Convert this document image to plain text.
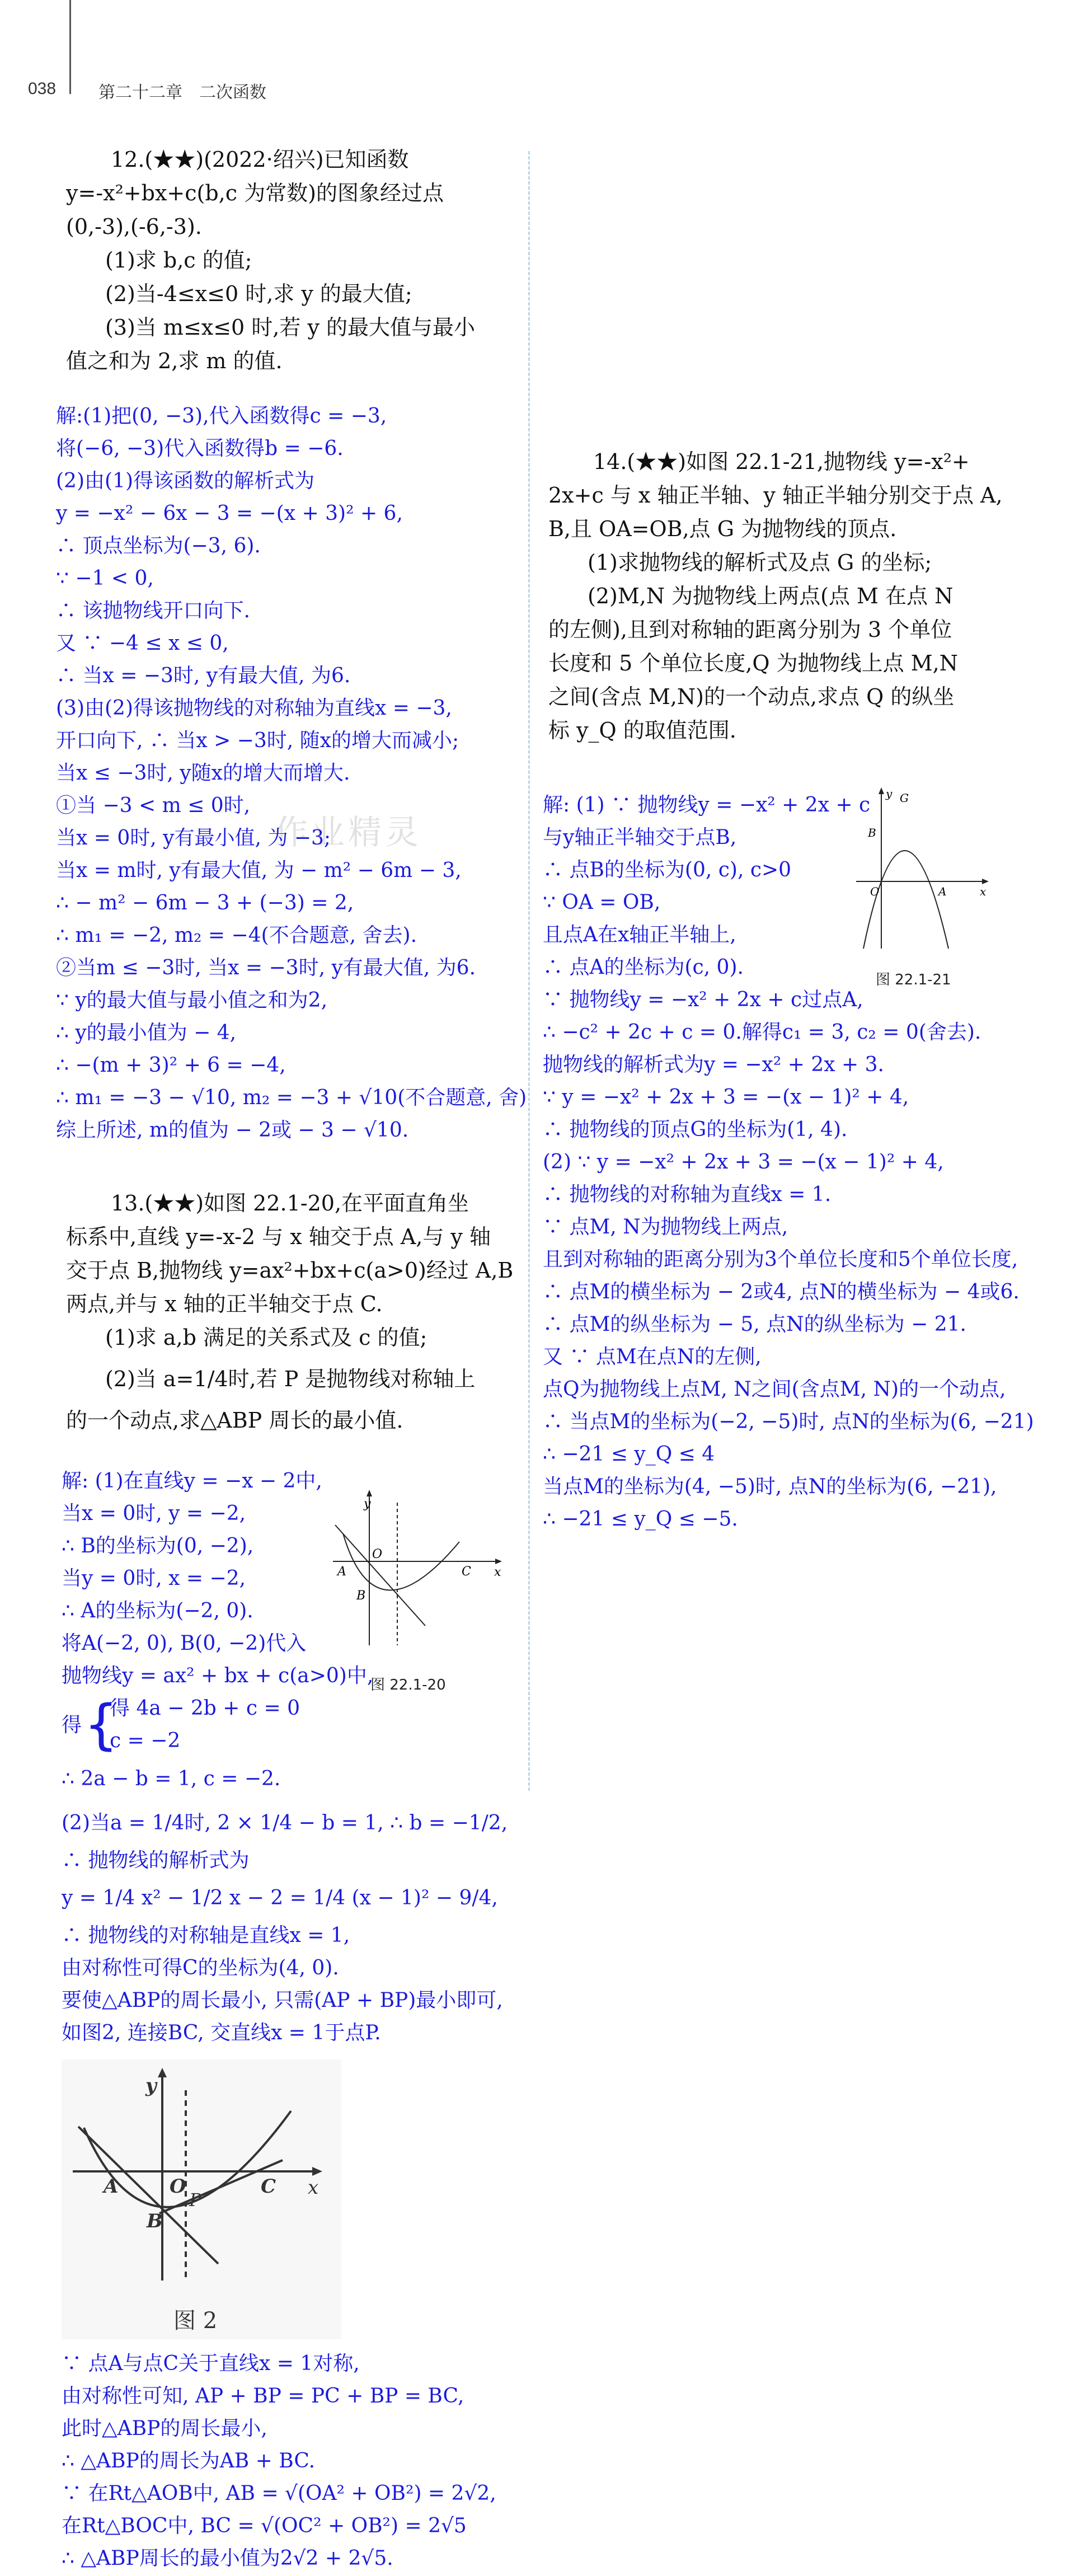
038	第二十二章　二次函数
作业精灵
12.(★★)(2022·绍兴)已知函数
y=-x²+bx+c(b,c 为常数)的图象经过点
(0,-3),(-6,-3).
(1)求 b,c 的值;
(2)当-4≤x≤0 时,求 y 的最大值;
(3)当 m≤x≤0 时,若 y 的最大值与最小
值之和为 2,求 m 的值.
解:(1)把(0, −3),代入函数得c = −3,
将(−6, −3)代入函数得b = −6.
(2)由(1)得该函数的解析式为
y = −x² − 6x − 3 = −(x + 3)² + 6,
∴ 顶点坐标为(−3, 6).
∵ −1 < 0,
∴ 该抛物线开口向下.
又 ∵ −4 ≤ x ≤ 0,
∴ 当x = −3时, y有最大值, 为6.
(3)由(2)得该抛物线的对称轴为直线x = −3,
开口向下, ∴ 当x > −3时, 随x的增大而减小;
当x ≤ −3时, y随x的增大而增大.
①当 −3 < m ≤ 0时,
当x = 0时, y有最小值, 为 −3;
当x = m时, y有最大值, 为 − m² − 6m − 3,
∴ − m² − 6m − 3 + (−3) = 2,
∴ m₁ = −2, m₂ = −4(不合题意, 舍去).
②当m ≤ −3时, 当x = −3时, y有最大值, 为6.
∵ y的最大值与最小值之和为2,
∴ y的最小值为 − 4,
∴ −(m + 3)² + 6 = −4,
∴ m₁ = −3 − √10, m₂ = −3 + √10(不合题意, 舍)
综上所述, m的值为 − 2或 − 3 − √10.
13.(★★)如图 22.1-20,在平面直角坐
标系中,直线 y=-x-2 与 x 轴交于点 A,与 y 轴
交于点 B,抛物线 y=ax²+bx+c(a>0)经过 A,B
两点,并与 x 轴的正半轴交于点 C.
(1)求 a,b 满足的关系式及 c 的值;
(2)当 a=1/4时,若 P 是抛物线对称轴上
的一个动点,求△ABP 周长的最小值.
解: (1)在直线y = −x − 2中,
当x = 0时, y = −2,
∴ B的坐标为(0, −2),
当y = 0时, x = −2,
∴ A的坐标为(−2, 0).
将A(−2, 0), B(0, −2)代入
抛物线y = ax² + bx + c(a>0)中,
得 {
得 4a − 2b + c = 0
c = −2
∴ 2a − b = 1, c = −2.
y
x
A
O
B
C
图 22.1-20
(2)当a = 1/4时, 2 × 1/4 − b = 1, ∴ b = −1/2,
∴ 抛物线的解析式为
y = 1/4 x² − 1/2 x − 2 = 1/4 (x − 1)² − 9/4,
∴ 抛物线的对称轴是直线x = 1,
由对称性可得C的坐标为(4, 0).
要使△ABP的周长最小, 只需(AP + BP)最小即可,
如图2, 连接BC, 交直线x = 1于点P.
y
x
A	O
P
B
C
图 2
∵ 点A与点C关于直线x = 1对称,
由对称性可知, AP + BP = PC + BP = BC,
此时△ABP的周长最小,
∴ △ABP的周长为AB + BC.
∵ 在Rt△AOB中, AB = √(OA² + OB²) = 2√2,
在Rt△BOC中, BC = √(OC² + OB²) = 2√5
∴ △ABP周长的最小值为2√2 + 2√5.
14.(★★)如图 22.1-21,抛物线 y=-x²+
2x+c 与 x 轴正半轴、y 轴正半轴分别交于点 A,
B,且 OA=OB,点 G 为抛物线的顶点.
(1)求抛物线的解析式及点 G 的坐标;
(2)M,N 为抛物线上两点(点 M 在点 N
的左侧),且到对称轴的距离分别为 3 个单位
长度和 5 个单位长度,Q 为抛物线上点 M,N
之间(含点 M,N)的一个动点,求点 Q 的纵坐
标 y_Q 的取值范围.
解: (1) ∵ 抛物线y = −x² + 2x + c
与y轴正半轴交于点B,
∴ 点B的坐标为(0, c), c>0
∵ OA = OB,
且点A在x轴正半轴上,
∴ 点A的坐标为(c, 0).
y
x
G
B
O	A
图 22.1-21
∵ 抛物线y = −x² + 2x + c过点A,
∴ −c² + 2c + c = 0.解得c₁ = 3, c₂ = 0(舍去).
抛物线的解析式为y = −x² + 2x + 3.
∵ y = −x² + 2x + 3 = −(x − 1)² + 4,
∴ 抛物线的顶点G的坐标为(1, 4).
(2) ∵ y = −x² + 2x + 3 = −(x − 1)² + 4,
∴ 抛物线的对称轴为直线x = 1.
∵ 点M, N为抛物线上两点,
且到对称轴的距离分别为3个单位长度和5个单位长度,
∴ 点M的横坐标为 − 2或4, 点N的横坐标为 − 4或6.
∴ 点M的纵坐标为 − 5, 点N的纵坐标为 − 21.
又 ∵ 点M在点N的左侧,
点Q为抛物线上点M, N之间(含点M, N)的一个动点,
∴ 当点M的坐标为(−2, −5)时, 点N的坐标为(6, −21)
∴ −21 ≤ y_Q ≤ 4
当点M的坐标为(4, −5)时, 点N的坐标为(6, −21),
∴ −21 ≤ y_Q ≤ −5.
